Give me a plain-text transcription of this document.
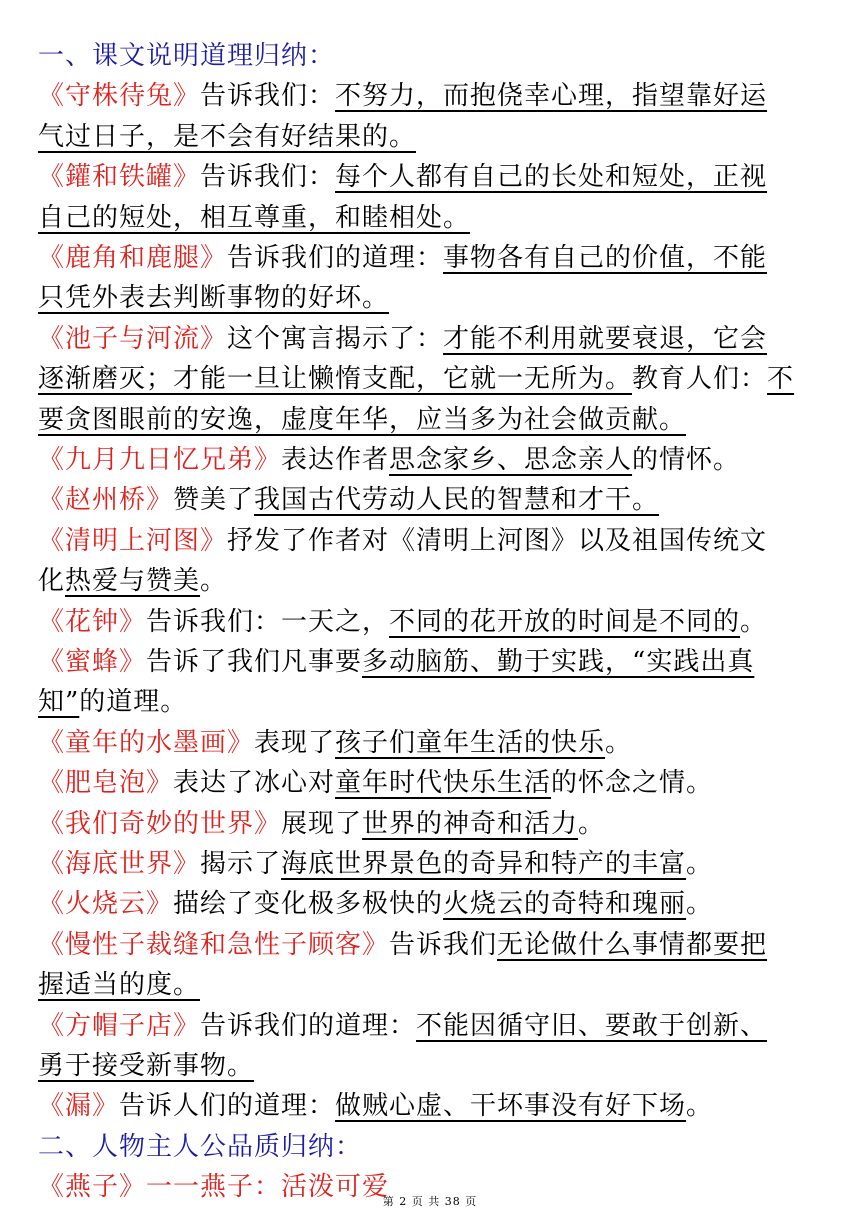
一、课文说明道理归纳：
《守株待兔》告诉我们：不努力，而抱侥幸心理，指望靠好运
气过日子，是不会有好结果的。
《鑵和铁罐》告诉我们：每个人都有自己的长处和短处，正视
自己的短处，相互尊重，和睦相处。
《鹿角和鹿腿》告诉我们的道理：事物各有自己的价值，不能
只凭外表去判断事物的好坏。
《池子与河流》这个寓言揭示了：才能不利用就要衰退，它会
逐渐磨灭；才能一旦让懒惰支配，它就一无所为。教育人们：不
要贪图眼前的安逸，虚度年华，应当多为社会做贡献。
《九月九日忆兄弟》表达作者思念家乡、思念亲人的情怀。
《赵州桥》赞美了我国古代劳动人民的智慧和才干。
《清明上河图》抒发了作者对《清明上河图》以及祖国传统文
化热爱与赞美。
《花钟》告诉我们：一天之，不同的花开放的时间是不同的。
《蜜蜂》告诉了我们凡事要多动脑筋、勤于实践，“实践出真
知”的道理。
《童年的水墨画》表现了孩子们童年生活的快乐。
《肥皂泡》表达了冰心对童年时代快乐生活的怀念之情。
《我们奇妙的世界》展现了世界的神奇和活力。
《海底世界》揭示了海底世界景色的奇异和特产的丰富。
《火烧云》描绘了变化极多极快的火烧云的奇特和瑰丽。
《慢性子裁缝和急性子顾客》告诉我们无论做什么事情都要把
握适当的度。
《方帽子店》告诉我们的道理：不能因循守旧、要敢于创新、
勇于接受新事物。
《漏》告诉人们的道理：做贼心虚、干坏事没有好下场。
二、人物主人公品质归纳：
《燕子》一一燕子：活泼可爱
第 2 页 共 38 页
